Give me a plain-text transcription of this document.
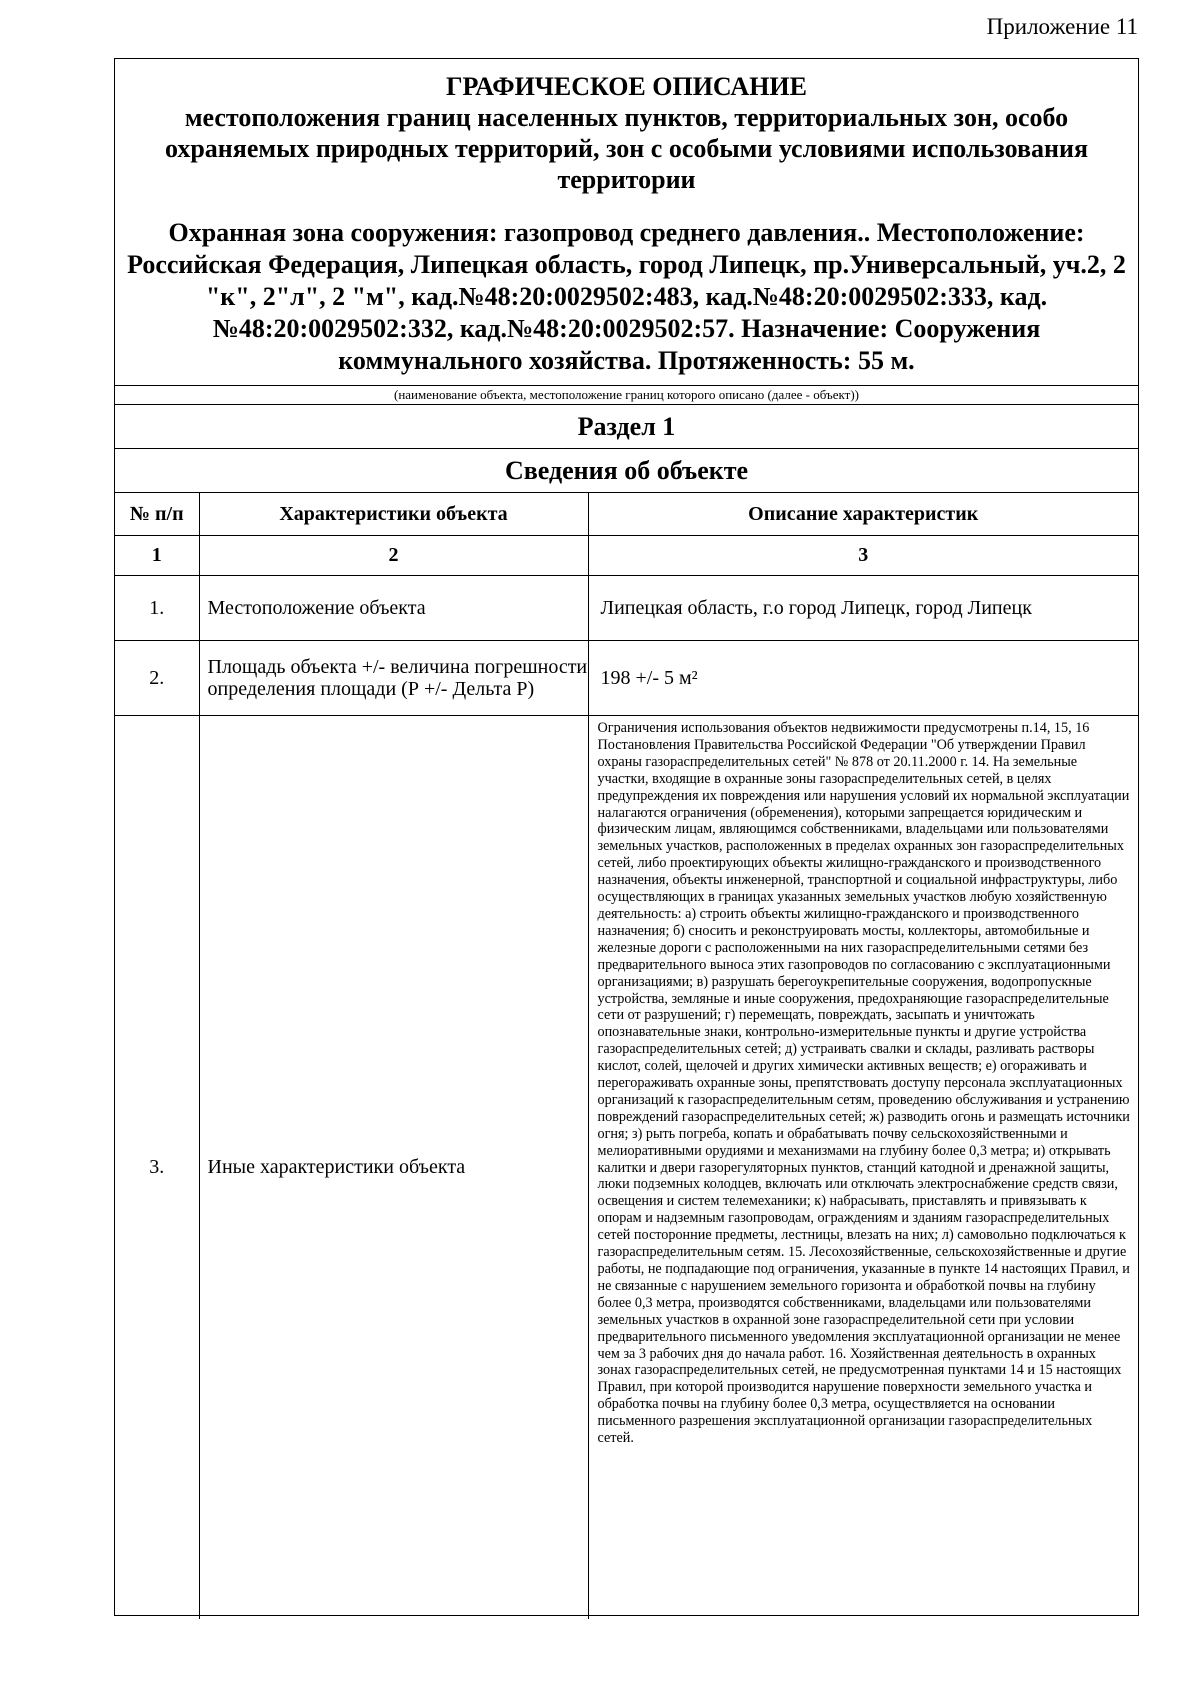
Приложение 11
ГРАФИЧЕСКОЕ ОПИСАНИЕ
местоположения границ населенных пунктов, территориальных зон, особо охраняемых природных территорий, зон с особыми условиями использования территории
Охранная зона сооружения: газопровод среднего давления.. Местоположение: Российская Федерация, Липецкая область, город Липецк, пр.Универсальный, уч.2, 2 "к", 2"л", 2 "м", кад.№48:20:0029502:483, кад.№48:20:0029502:333, кад.№48:20:0029502:332, кад.№48:20:0029502:57. Назначение: Сооружения коммунального хозяйства. Протяженность: 55 м.
(наименование объекта, местоположение границ которого описано (далее - объект))
Раздел 1
Сведения об объекте
№ п/п	Характеристики объекта	Описание характеристик
1	2	3
1.	Местоположение объекта	Липецкая область, г.о город Липецк, город Липецк
2.	Площадь объекта +/- величина погрешности определения площади (Р +/- Дельта Р)	198 +/- 5 м²
3.	Иные характеристики объекта	Ограничения использования объектов недвижимости предусмотрены п.14, 15, 16 Постановления Правительства Российской Федерации "Об утверждении Правил охраны газораспределительных сетей" № 878 от 20.11.2000 г. 14. На земельные участки, входящие в охранные зоны газораспределительных сетей, в целях предупреждения их повреждения или нарушения условий их нормальной эксплуатации налагаются ограничения (обременения), которыми запрещается юридическим и физическим лицам, являющимся собственниками, владельцами или пользователями земельных участков, расположенных в пределах охранных зон газораспределительных сетей, либо проектирующих объекты жилищно-гражданского и производственного назначения, объекты инженерной, транспортной и социальной инфраструктуры, либо осуществляющих в границах указанных земельных участков любую хозяйственную деятельность: а) строить объекты жилищно-гражданского и производственного назначения; б) сносить и реконструировать мосты, коллекторы, автомобильные и железные дороги с расположенными на них газораспределительными сетями без предварительного выноса этих газопроводов по согласованию с эксплуатационными организациями; в) разрушать берегоукрепительные сооружения, водопропускные устройства, земляные и иные сооружения, предохраняющие газораспределительные сети от разрушений; г) перемещать, повреждать, засыпать и уничтожать опознавательные знаки, контрольно-измерительные пункты и другие устройства газораспределительных сетей; д) устраивать свалки и склады, разливать растворы кислот, солей, щелочей и других химически активных веществ; е) огораживать и перегораживать охранные зоны, препятствовать доступу персонала эксплуатационных организаций к газораспределительным сетям, проведению обслуживания и устранению повреждений газораспределительных сетей; ж) разводить огонь и размещать источники огня; з) рыть погреба, копать и обрабатывать почву сельскохозяйственными и мелиоративными орудиями и механизмами на глубину более 0,3 метра; и) открывать калитки и двери газорегуляторных пунктов, станций катодной и дренажной защиты, люки подземных колодцев, включать или отключать электроснабжение средств связи, освещения и систем телемеханики; к) набрасывать, приставлять и привязывать к опорам и надземным газопроводам, ограждениям и зданиям газораспределительных сетей посторонние предметы, лестницы, влезать на них; л) самовольно подключаться к газораспределительным сетям. 15. Лесохозяйственные, сельскохозяйственные и другие работы, не подпадающие под ограничения, указанные в пункте 14 настоящих Правил, и не связанные с нарушением земельного горизонта и обработкой почвы на глубину более 0,3 метра, производятся собственниками, владельцами или пользователями земельных участков в охранной зоне газораспределительной сети при условии предварительного письменного уведомления эксплуатационной организации не менее чем за 3 рабочих дня до начала работ. 16. Хозяйственная деятельность в охранных зонах газораспределительных сетей, не предусмотренная пунктами 14 и 15 настоящих Правил, при которой производится нарушение поверхности земельного участка и обработка почвы на глубину более 0,3 метра, осуществляется на основании письменного разрешения эксплуатационной организации газораспределительных сетей.
